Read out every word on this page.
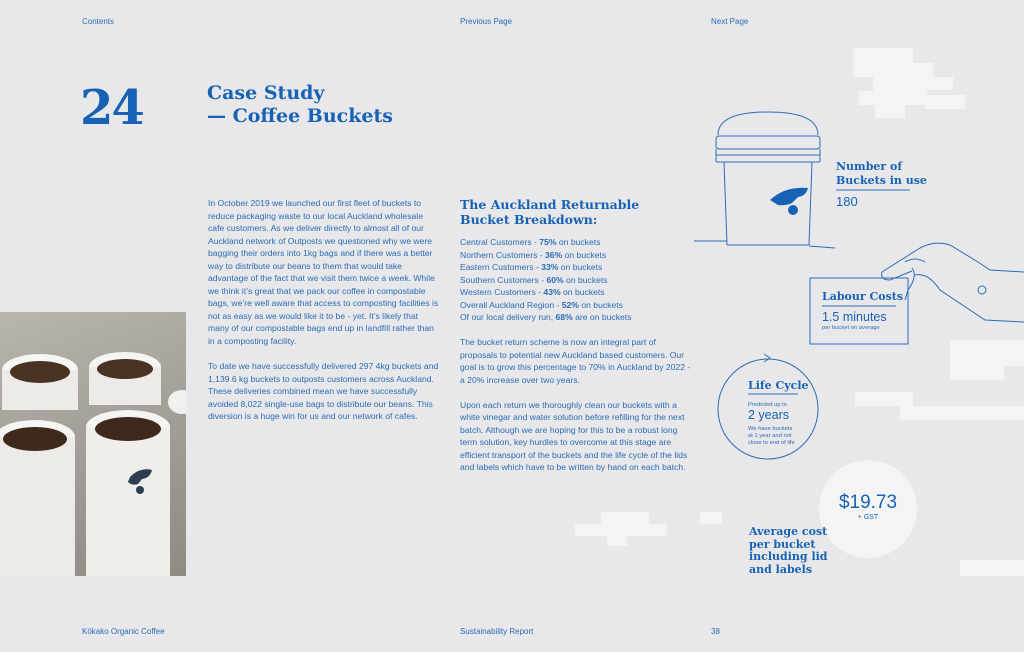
Contents	Previous Page	Next Page
24	Case Study
— Coffee Buckets

In October 2019 we launched our first fleet of buckets to reduce packaging waste to our local Auckland wholesale cafe customers. As we deliver directly to almost all of our Auckland network of Outposts we questioned why we were bagging their orders into 1kg bags and if there was a better way to distribute our beans to them that would take advantage of the fact that we visit them twice a week. While we think it’s great that we pack our coffee in compostable bags, we’re well aware that access to composting facilities is not as easy as we would like it to be - yet. It’s likely that many of our compostable bags end up in landfill rather than in a composting facility.

To date we have successfully delivered 297 4kg buckets and 1,139 6 kg buckets to outposts customers across Auckland. These deliveries combined mean we have successfully avoided 8,022 single-use bags to distribute our beans. This diversion is a huge win for us and our network of cafes.

The Auckland Returnable
Bucket Breakdown:
Central Customers - 75% on buckets
Northern Customers - 36% on buckets
Eastern Customers - 33% on buckets
Southern Customers - 60% on buckets
Western Customers - 43% on buckets
Overall Auckland Region - 52% on buckets
Of our local delivery run, 68% are on buckets

The bucket return scheme is now an integral part of proposals to potential new Auckland based customers. Our goal is to grow this percentage to 70% in Auckland by 2022 - a 20% increase over two years.

Upon each return we thoroughly clean our buckets with a white vinegar and water solution before refilling for the next batch. Although we are hoping for this to be a robust long term solution, key hurdles to overcome at this stage are efficient transport of the buckets and the life cycle of the lids and labels which have to be written by hand on each batch.

Number of
Buckets in use
180
Labour Costs
1.5 minutes
per bucket on average
Life Cycle
Predicted up to
2 years
We have buckets
at 1 year and not
close to end of life
$19.73
+ GST
Average cost
per bucket
including lid
and labels
Kōkako Organic Coffee	Sustainability Report	38
